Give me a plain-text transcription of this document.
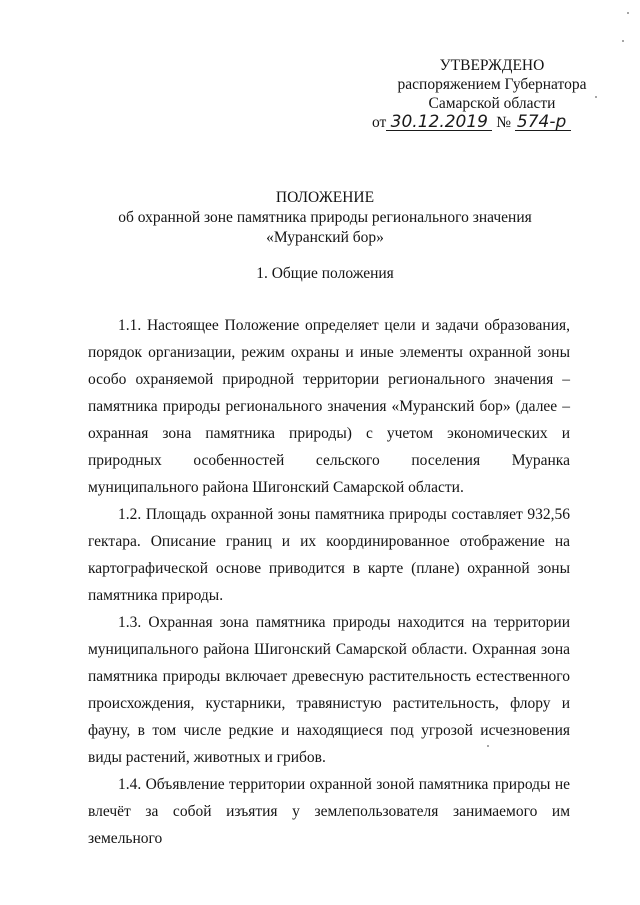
УТВЕРЖДЕНО
распоряжением Губернатора
Самарской области
от 30.12.2019 № 574-р
ПОЛОЖЕНИЕ
об охранной зоне памятника природы регионального значения
«Муранский бор»
1. Общие положения

1.1. Настоящее Положение определяет цели и задачи образования, порядок организации, режим охраны и иные элементы охранной зоны особо охраняемой природной территории регионального значения – памятника природы регионального значения «Муранский бор» (далее – охранная зона памятника природы) с учетом экономических и природных особенностей сельского поселения Муранка муниципального района Шигонский Самарской области.

1.2. Площадь охранной зоны памятника природы составляет 932,56 гектара. Описание границ и их координированное отображение на картографической основе приводится в карте (плане) охранной зоны памятника природы.

1.3. Охранная зона памятника природы находится на территории муниципального района Шигонский Самарской области. Охранная зона памятника природы включает древесную растительность естественного происхождения, кустарники, травянистую растительность, флору и фауну, в том числе редкие и находящиеся под угрозой исчезновения виды растений, животных и грибов.

1.4. Объявление территории охранной зоной памятника природы не влечёт за собой изъятия у землепользователя занимаемого им земельного
